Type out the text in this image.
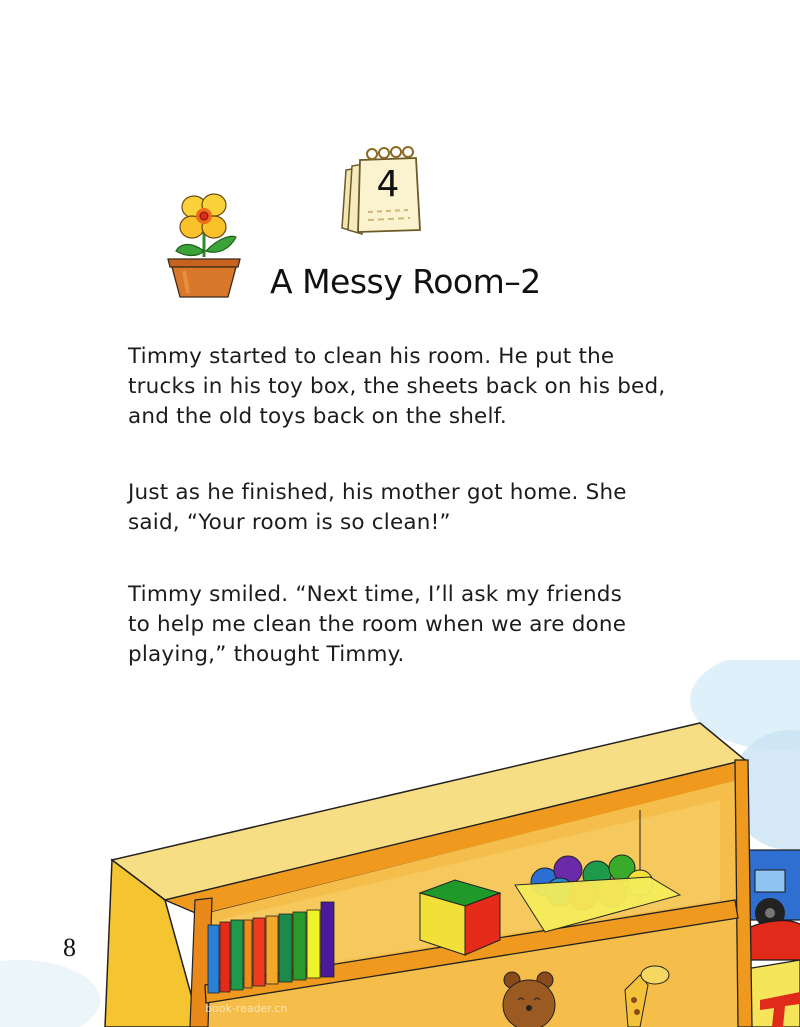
4
A Messy Room–2

Timmy started to clean his room. He put the

trucks in his toy box, the sheets back on his bed,

and the old toys back on the shelf.

Just as he finished, his mother got home. She

said, “Your room is so clean!”

Timmy smiled. “Next time, I’ll ask my friends

to help me clean the room when we are done

playing,” thought Timmy.

8
book-reader.cn
